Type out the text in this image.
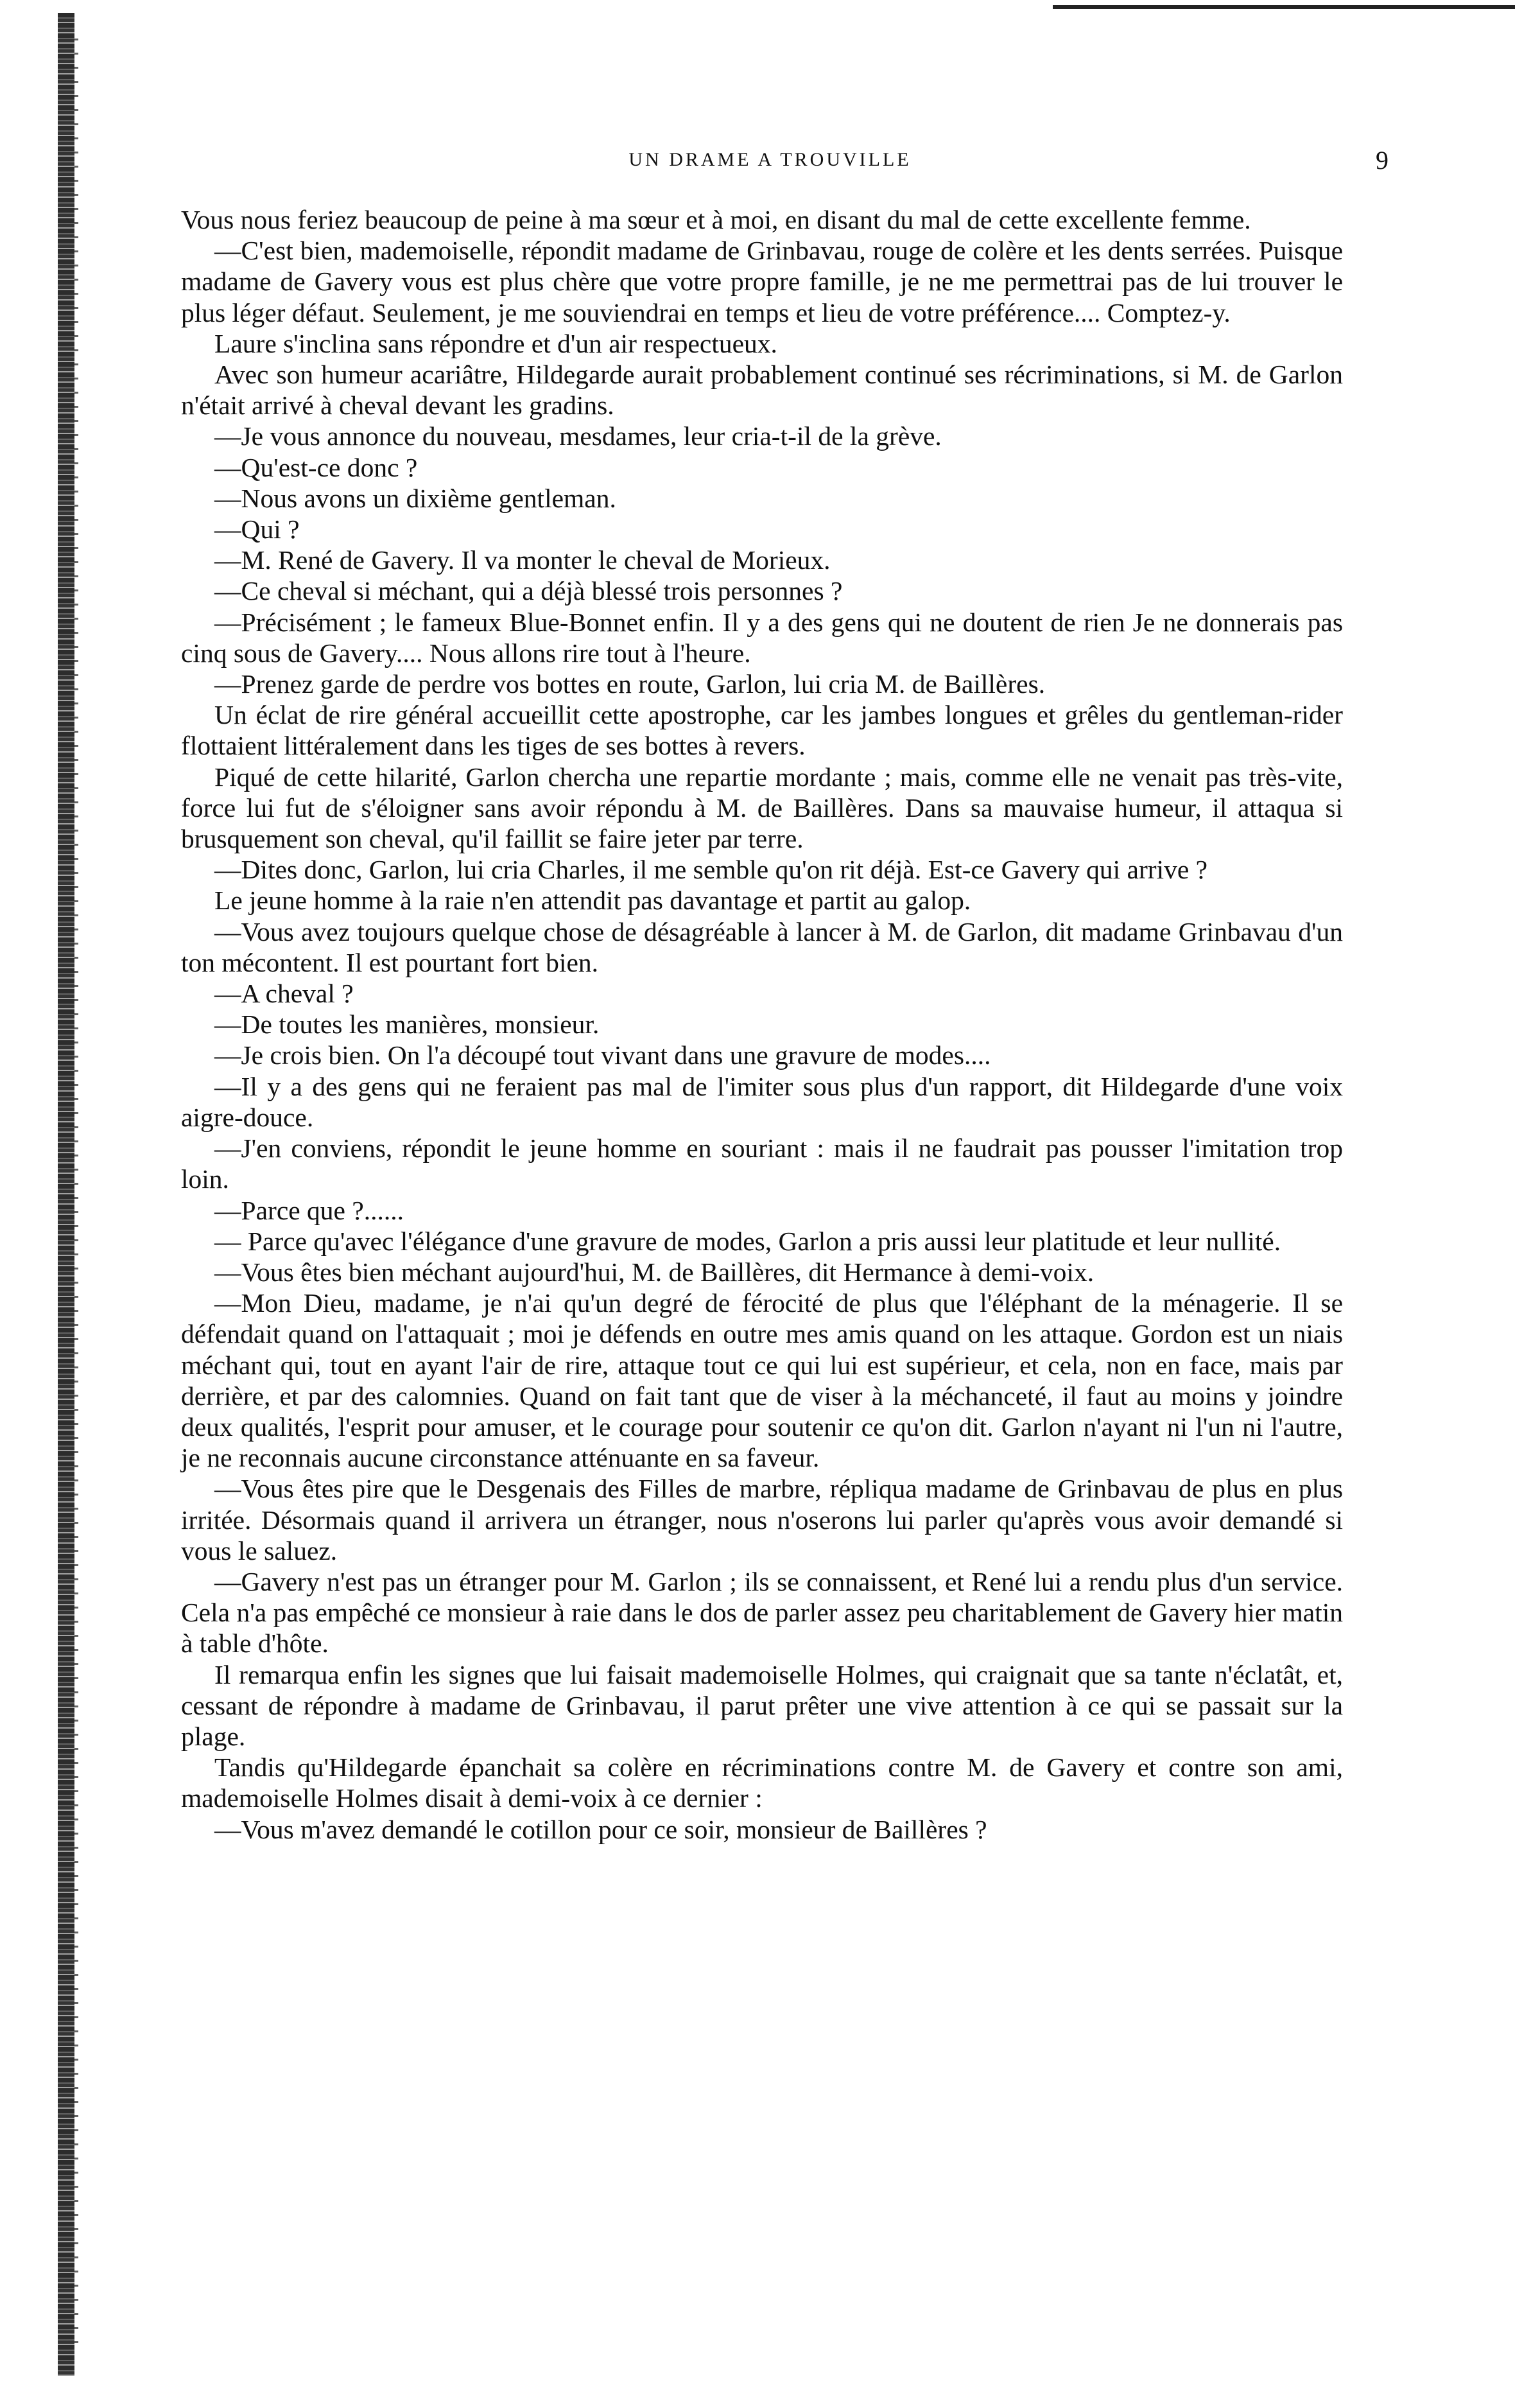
UN DRAME A TROUVILLE	9

Vous nous feriez beaucoup de peine à ma sœur et à moi, en disant du mal de cette excellente femme.

—C'est bien, mademoiselle, répondit madame de Grinbavau, rouge de colère et les dents serrées. Puisque madame de Gavery vous est plus chère que votre propre famille, je ne me permettrai pas de lui trouver le plus léger défaut. Seulement, je me souviendrai en temps et lieu de votre préférence.... Comptez-y.

Laure s'inclina sans répondre et d'un air respectueux.

Avec son humeur acariâtre, Hildegarde aurait probablement continué ses récriminations, si M. de Garlon n'était arrivé à cheval devant les gradins.

—Je vous annonce du nouveau, mesdames, leur cria-t-il de la grève.

—Qu'est-ce donc ?

—Nous avons un dixième gentleman.

—Qui ?

—M. René de Gavery. Il va monter le cheval de Morieux.

—Ce cheval si méchant, qui a déjà blessé trois personnes ?

—Précisément ; le fameux Blue-Bonnet enfin. Il y a des gens qui ne doutent de rien Je ne donnerais pas cinq sous de Gavery.... Nous allons rire tout à l'heure.

—Prenez garde de perdre vos bottes en route, Garlon, lui cria M. de Baillères.

Un éclat de rire général accueillit cette apostrophe, car les jambes longues et grêles du gentleman-rider flottaient littéralement dans les tiges de ses bottes à revers.

Piqué de cette hilarité, Garlon chercha une repartie mordante ; mais, comme elle ne venait pas très-vite, force lui fut de s'éloigner sans avoir répondu à M. de Baillères. Dans sa mauvaise humeur, il attaqua si brusquement son cheval, qu'il faillit se faire jeter par terre.

—Dites donc, Garlon, lui cria Charles, il me semble qu'on rit déjà. Est-ce Gavery qui arrive ?

Le jeune homme à la raie n'en attendit pas davantage et partit au galop.

—Vous avez toujours quelque chose de désagréable à lancer à M. de Garlon, dit madame Grinbavau d'un ton mécontent. Il est pourtant fort bien.

—A cheval ?

—De toutes les manières, monsieur.

—Je crois bien. On l'a découpé tout vivant dans une gravure de modes....

—Il y a des gens qui ne feraient pas mal de l'imiter sous plus d'un rapport, dit Hildegarde d'une voix aigre-douce.

—J'en conviens, répondit le jeune homme en souriant : mais il ne faudrait pas pousser l'imitation trop loin.

—Parce que ?......

— Parce qu'avec l'élégance d'une gravure de modes, Garlon a pris aussi leur platitude et leur nullité.

—Vous êtes bien méchant aujourd'hui, M. de Baillères, dit Hermance à demi-voix.

—Mon Dieu, madame, je n'ai qu'un degré de férocité de plus que l'éléphant de la ménagerie. Il se défendait quand on l'attaquait ; moi je défends en outre mes amis quand on les attaque. Gordon est un niais méchant qui, tout en ayant l'air de rire, attaque tout ce qui lui est supérieur, et cela, non en face, mais par derrière, et par des calomnies. Quand on fait tant que de viser à la méchanceté, il faut au moins y joindre deux qualités, l'esprit pour amuser, et le courage pour soutenir ce qu'on dit. Garlon n'ayant ni l'un ni l'autre, je ne reconnais aucune circonstance atténuante en sa faveur.

—Vous êtes pire que le Desgenais des Filles de marbre, répliqua madame de Grinbavau de plus en plus irritée. Désormais quand il arrivera un étranger, nous n'oserons lui parler qu'après vous avoir demandé si vous le saluez.

—Gavery n'est pas un étranger pour M. Garlon ; ils se connaissent, et René lui a rendu plus d'un service. Cela n'a pas empêché ce monsieur à raie dans le dos de parler assez peu charitablement de Gavery hier matin à table d'hôte.

Il remarqua enfin les signes que lui faisait mademoiselle Holmes, qui craignait que sa tante n'éclatât, et, cessant de répondre à madame de Grinbavau, il parut prêter une vive attention à ce qui se passait sur la plage.

Tandis qu'Hildegarde épanchait sa colère en récriminations contre M. de Gavery et contre son ami, mademoiselle Holmes disait à demi-voix à ce dernier :

—Vous m'avez demandé le cotillon pour ce soir, monsieur de Baillères ?
